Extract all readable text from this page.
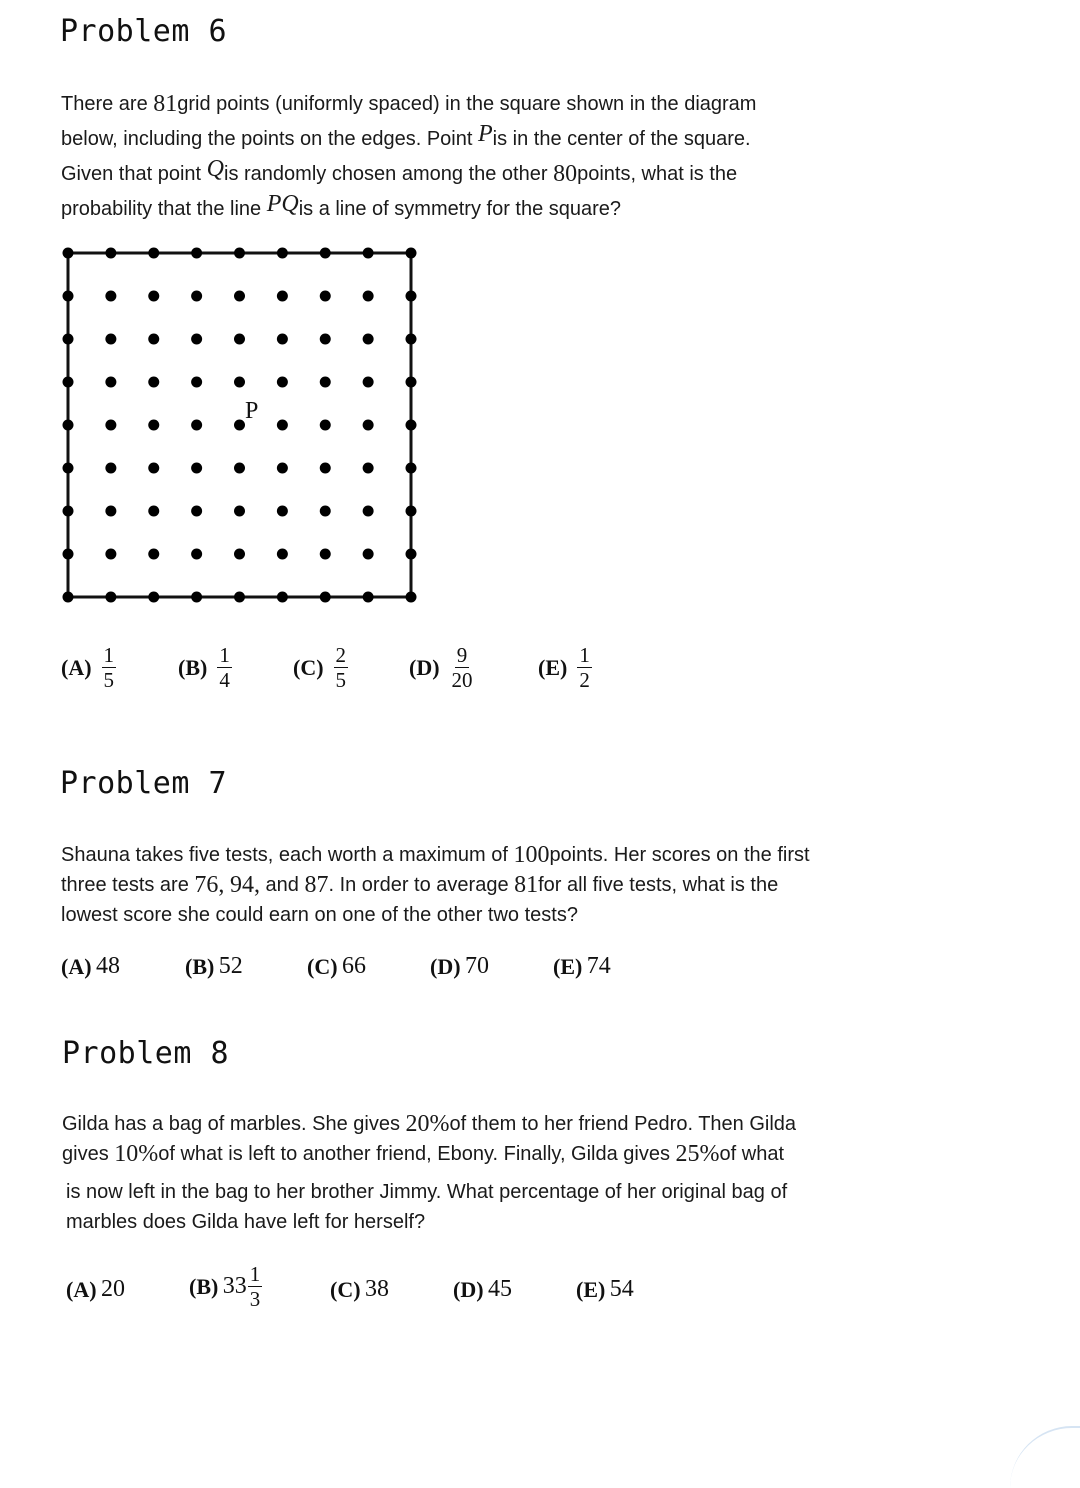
Problem 6
There are 81grid points (uniformly spaced) in the square shown in the diagram
below, including the points on the edges. Point Pis in the center of the square.
Given that point Qis randomly chosen among the other 80points, what is the
probability that the line PQis a line of symmetry for the square?
P
$(A) \frac{1}{5}$	$(B) \frac{1}{4}$	$(C) \frac{2}{5}$	$(D) \frac{9}{20}$	$(E) \frac{1}{2}$
Problem 7
Shauna takes five tests, each worth a maximum of 100points. Her scores on the first
three tests are 76, 94, and 87. In order to average 81for all five tests, what is the
lowest score she could earn on one of the other two tests?
(A)
48	(B)
52	(C)
66	(D)
70	(E)
74
Problem 8
Gilda has a bag of marbles. She gives 20%of them to her friend Pedro. Then Gilda
gives 10%of what is left to another friend, Ebony. Finally, Gilda gives 25%of what
is now left in the bag to her brother Jimmy. What percentage of her original bag of
marbles does Gilda have left for herself?
(A)
20	(B)
$33 \frac{1}{3}$	(C)
38	(D)
45	(E)
54
